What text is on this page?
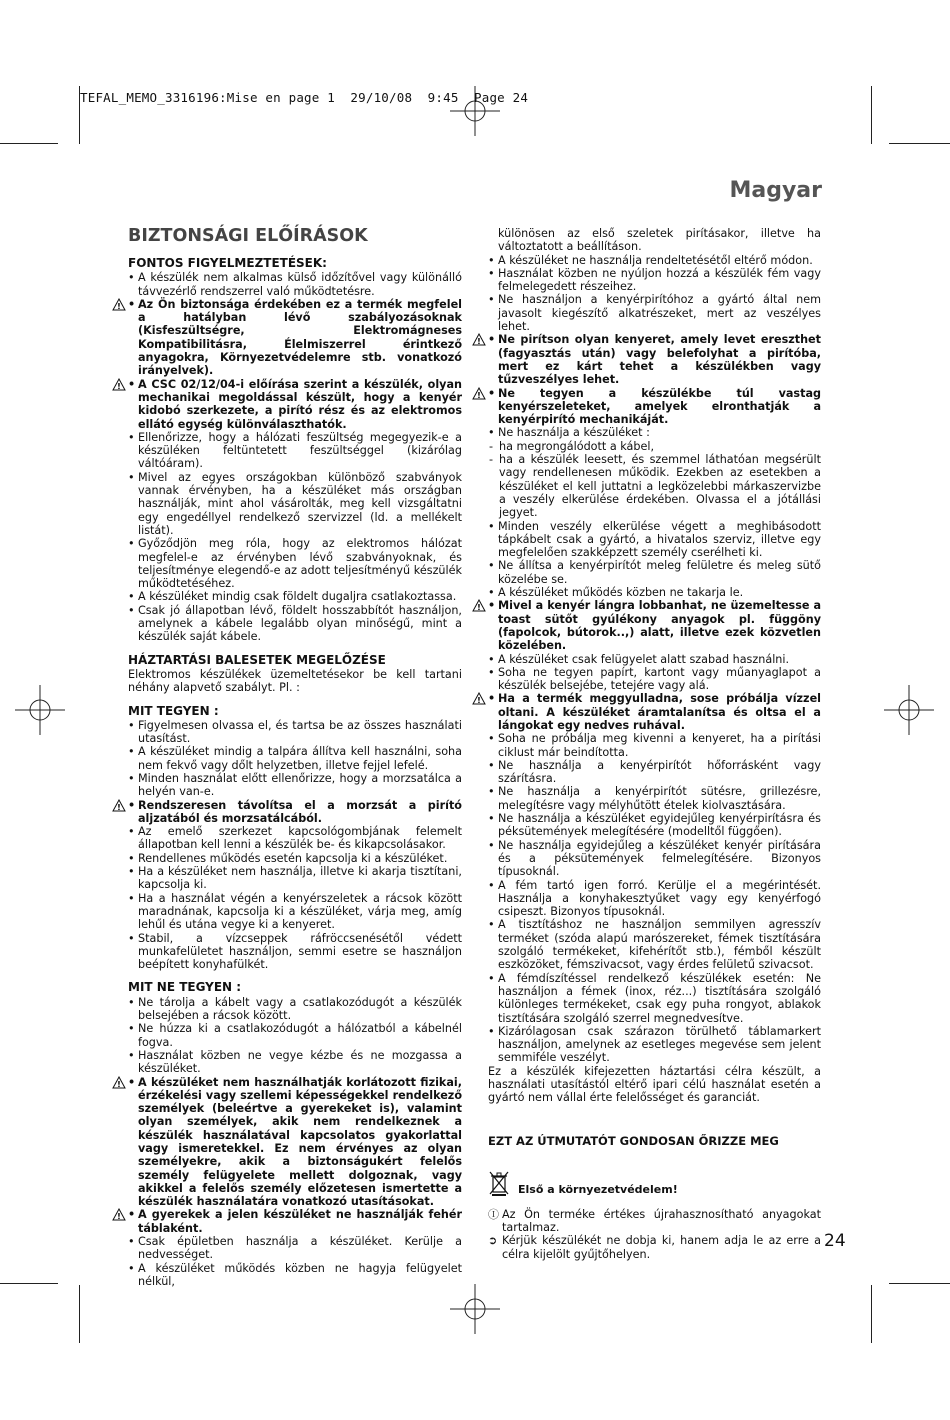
TEFAL_MEMO_3316196:Mise en page 1  29/10/08  9:45  Page 24
Magyar
24
BIZTONSÁGI ELŐÍRÁSOK
FONTOS FIGYELMEZTETÉSEK:
• A készülék nem alkalmas külső időzítővel vagy különálló távvezérlő rendszerrel való működtetésre.
• ! Az Ön biztonsága érdekében ez a termék megfelel a hatályban lévő szabályozásoknak (Kisfeszültségre, Elektromágneses Kompatibilitásra, Élelmiszerrel érintkező anyagokra, Környezetvédelemre stb. vonatkozó irányelvek).
• ! A CSC 02/12/04-i előírása szerint a készülék, olyan mechanikai megoldással készült, hogy a kenyér kidobó szerkezete, a pirító rész és az elektromos ellátó egység különválaszthatók.
• Ellenőrizze, hogy a hálózati feszültség megegyezik-e a készüléken feltüntetett feszültséggel (kizárólag váltóáram).
• Mivel az egyes országokban különböző szabványok vannak érvényben, ha a készüléket más országban használják, mint ahol vásárolták, meg kell vizsgáltatni egy engedéllyel rendelkező szervizzel (ld. a mellékelt listát).
• Győződjön meg róla, hogy az elektromos hálózat megfelel-e az érvényben lévő szabványoknak, és teljesítménye elegendő-e az adott teljesítményű készülék működtetéséhez.
• A készüléket mindig csak földelt dugaljra csatlakoztassa.
• Csak jó állapotban lévő, földelt hosszabbítót használjon, amelynek a kábele legalább olyan minőségű, mint a készülék saját kábele.
HÁZTARTÁSI BALESETEK MEGELŐZÉSE
Elektromos készülékek üzemeltetésekor be kell tartani néhány alapvető szabályt. Pl. :
MIT TEGYEN :
• Figyelmesen olvassa el, és tartsa be az összes használati utasítást.
• A készüléket mindig a talpára állítva kell használni, soha nem fekvő vagy dőlt helyzetben, illetve fejjel lefelé.
• Minden használat előtt ellenőrizze, hogy a morzsatálca a helyén van-e.
• ! Rendszeresen távolítsa el a morzsát a pirító aljzatából és morzsatálcából.
• Az emelő szerkezet kapcsológombjának felemelt állapotban kell lenni a készülék be- és kikapcsolásakor.
• Rendellenes működés esetén kapcsolja ki a készüléket.
• Ha a készüléket nem használja, illetve ki akarja tisztítani, kapcsolja ki.
• Ha a használat végén a kenyérszeletek a rácsok között maradnának, kapcsolja ki a készüléket, várja meg, amíg lehűl és utána vegye ki a kenyeret.
• Stabil, a vízcseppek ráfröccsenésétől védett munkafelületet használjon, semmi esetre se használjon beépített konyhafülkét.
MIT NE TEGYEN :
• Ne tárolja a kábelt vagy a csatlakozódugót a készülék belsejében a rácsok között.
• Ne húzza ki a csatlakozódugót a hálózatból a kábelnél fogva.
• Használat közben ne vegye kézbe és ne mozgassa a készüléket.
• ! A készüléket nem használhatják korlátozott fizikai, érzékelési vagy szellemi képességekkel rendelkező személyek (beleértve a gyerekeket is), valamint olyan személyek, akik nem rendelkeznek a készülék használatával kapcsolatos gyakorlattal vagy ismeretekkel. Ez nem érvényes az olyan személyekre, akik a biztonságukért felelős személy felügyelete mellett dolgoznak, vagy akikkel a felelős személy előzetesen ismertette a készülék használatára vonatkozó utasításokat.
• ! A gyerekek a jelen készüléket ne használják fehér táblaként.
• Csak épületben használja a készüléket. Kerülje a nedvességet.
• A készüléket működés közben ne hagyja felügyelet nélkül,
különösen az első szeletek pirításakor, illetve ha változtatott a beállításon.
• A készüléket ne használja rendeltetésétől eltérő módon.
• Használat közben ne nyúljon hozzá a készülék fém vagy felmelegedett részeihez.
• Ne használjon a kenyérpirítóhoz a gyártó által nem javasolt kiegészítő alkatrészeket, mert az veszélyes lehet.
• ! Ne pirítson olyan kenyeret, amely levet ereszthet (fagyasztás után) vagy belefolyhat a pirítóba, mert ez kárt tehet a készülékben vagy tűzveszélyes lehet.
• ! Ne tegyen a készülékbe túl vastag kenyérszeleteket, amelyek elronthatják a kenyérpirító mechanikáját.
• Ne használja a készüléket :
- ha megrongálódott a kábel,
- ha a készülék leesett, és szemmel láthatóan megsérült vagy rendellenesen működik. Ezekben az esetekben a készüléket el kell juttatni a legközelebbi márkaszervizbe a veszély elkerülése érdekében. Olvassa el a jótállási jegyet.
• Minden veszély elkerülése végett a meghibásodott tápkábelt csak a gyártó, a hivatalos szerviz, illetve egy megfelelően szakképzett személy cserélheti ki.
• Ne állítsa a kenyérpirítót meleg felületre és meleg sütő közelébe se.
• A készüléket működés közben ne takarja le.
• ! Mivel a kenyér lángra lobbanhat, ne üzemeltesse a toast sütőt gyúlékony anyagok pl. függöny (fapolcok, bútorok..,) alatt, illetve ezek közvetlen közelében.
• A készüléket csak felügyelet alatt szabad használni.
• Soha ne tegyen papírt, kartont vagy műanyaglapot a készülék belsejébe, tetejére vagy alá.
• ! Ha a termék meggyulladna, sose próbálja vízzel oltani. A készüléket áramtalanítsa és oltsa el a lángokat egy nedves ruhával.
• Soha ne próbálja meg kivenni a kenyeret, ha a pirítási ciklust már beindította.
• Ne használja a kenyérpirítót hőforrásként vagy szárításra.
• Ne használja a kenyérpirítót sütésre, grillezésre, melegítésre vagy mélyhűtött ételek kiolvasztására.
• Ne használja a készüléket egyidejűleg kenyérpirításra és péksütemények melegítésére (modelltől függően).
• Ne használja egyidejűleg a készüléket kenyér pirítására és a péksütemények felmelegítésére. Bizonyos típusoknál.
• A fém tartó igen forró. Kerülje el a megérintését. Használja a konyhakesztyűket vagy egy kenyérfogó csipeszt. Bizonyos típusoknál.
• A tisztításhoz ne használjon semmilyen agresszív terméket (szóda alapú marószereket, fémek tisztítására szolgáló termékeket, kifehérítőt stb.), fémből készült eszközöket, fémszivacsot, vagy érdes felületű szivacsot.
• A fémdíszítéssel rendelkező készülékek esetén: Ne használjon a fémek (inox, réz...) tisztítására szolgáló különleges termékeket, csak egy puha rongyot, ablakok tisztítására szolgáló szerrel megnedvesítve.
• Kizárólagosan csak szárazon törülhető táblamarkert használjon, amelynek az esetleges megevése sem jelent semmiféle veszélyt.
Ez a készülék kifejezetten háztartási célra készült, a használati utasítástól eltérő ipari célú használat esetén a gyártó nem vállal érte felelősséget és garanciát.
EZT AZ ÚTMUTATÓT GONDOSAN ŐRIZZE MEG
Első a környezetvédelem!
Ⓘ Az Ön terméke értékes újrahasznosítható anyagokat tartalmaz.
➲ Kérjük készülékét ne dobja ki, hanem adja le az erre a célra kijelölt gyűjtőhelyen.
